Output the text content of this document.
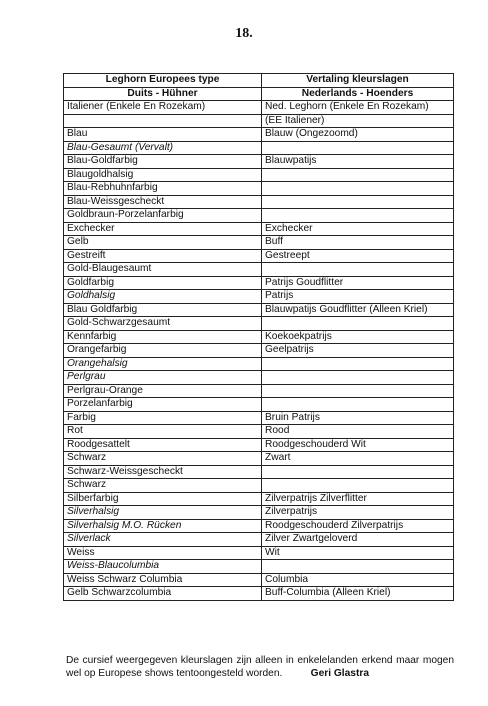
18.
Leghorn Europees type	Vertaling kleurslagen
Duits - Hühner	Nederlands - Hoenders
Italiener (Enkele En Rozekam)	Ned. Leghorn (Enkele En Rozekam)
	(EE Italiener)
Blau	Blauw (Ongezoomd)
Blau-Gesaumt (Vervalt)	
Blau-Goldfarbig	Blauwpatijs
Blaugoldhalsig	
Blau-Rebhuhnfarbig	
Blau-Weissgescheckt	
Goldbraun-Porzelanfarbig	
Exchecker	Exchecker
Gelb	Buff
Gestreift	Gestreept
Gold-Blaugesaumt	
Goldfarbig	Patrijs Goudflitter
Goldhalsig	Patrijs
Blau Goldfarbig	Blauwpatijs Goudflitter (Alleen Kriel)
Gold-Schwarzgesaumt	
Kennfarbig	Koekoekpatrijs
Orangefarbig	Geelpatrijs
Orangehalsig	
Perlgrau	
Perlgrau-Orange	
Porzelanfarbig	
Farbig	Bruin Patrijs
Rot	Rood
Roodgesattelt	Roodgeschouderd Wit
Schwarz	Zwart
Schwarz-Weissgescheckt	
Schwarz	
Silberfarbig	Zilverpatrijs Zilverflitter
Silverhalsig	Zilverpatrijs
Silverhalsig M.O. Rücken	Roodgeschouderd Zilverpatrijs
Silverlack	Zilver Zwartgeloverd
Weiss	Wit
Weiss-Blaucolumbia	
Weiss Schwarz Columbia	Columbia
Gelb Schwarzcolumbia	Buff-Columbia (Alleen Kriel)
De cursief weergegeven kleurslagen zijn alleen in enkelelanden erkend maar mogen wel op Europese shows tentoongesteld worden.	Geri Glastra
